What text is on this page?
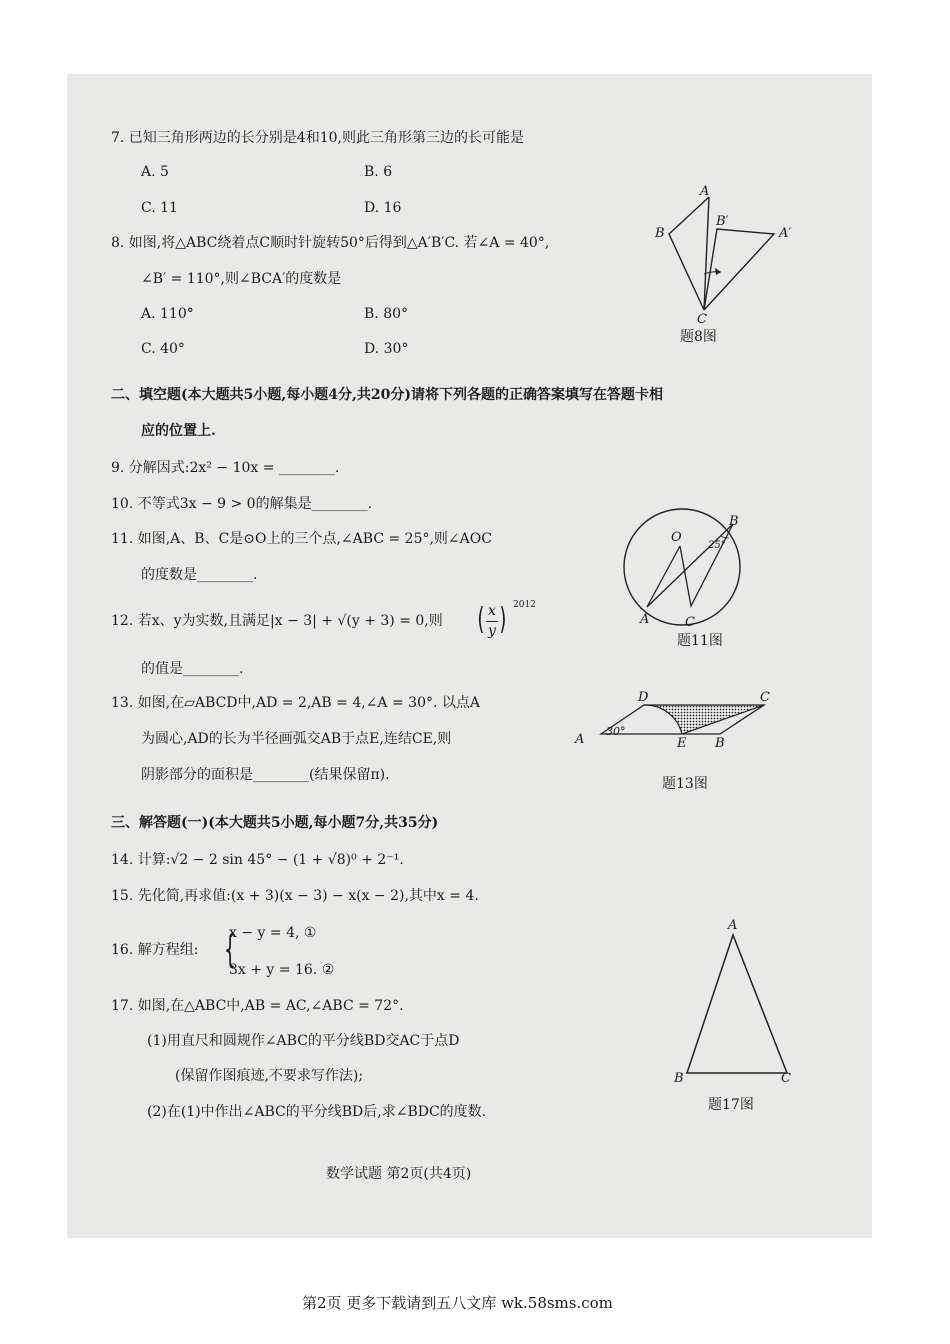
7. 已知三角形两边的长分别是4和10,则此三角形第三边的长可能是
A. 5	B. 6
C. 11	D. 16
8. 如图,将△ABC绕着点C顺时针旋转50°后得到△A′B′C. 若∠A = 40°,
∠B′ = 110°,则∠BCA′的度数是
A. 110°	B. 80°
C. 40°	D. 30°
A
B
B′
A′
C
题8图
二、填空题(本大题共5小题,每小题4分,共20分)请将下列各题的正确答案填写在答题卡相
应的位置上.
9. 分解因式:2x² − 10x = ________.
10. 不等式3x − 9 > 0的解集是________.
11. 如图,A、B、C是⊙O上的三个点,∠ABC = 25°,则∠AOC
的度数是________.
O
B
25°
A	C
题11图
12. 若x、y为实数,且满足|x − 3| + √(y + 3) = 0,则 ( x
y ) 2012
的值是________.
13. 如图,在▱ABCD中,AD = 2,AB = 4,∠A = 30°. 以点A
为圆心,AD的长为半径画弧交AB于点E,连结CE,则
阴影部分的面积是________(结果保留π).
D	C
A
30°
E B
题13图
三、解答题(一)(本大题共5小题,每小题7分,共35分)
14. 计算:√2 − 2 sin 45° − (1 + √8)⁰ + 2⁻¹.
15. 先化简,再求值:(x + 3)(x − 3) − x(x − 2),其中x = 4.
16. 解方程组: {
x − y = 4, ①
3x + y = 16. ②
17. 如图,在△ABC中,AB = AC,∠ABC = 72°.
(1)用直尺和圆规作∠ABC的平分线BD交AC于点D
(保留作图痕迹,不要求写作法);
(2)在(1)中作出∠ABC的平分线BD后,求∠BDC的度数.
A
B	C
题17图
数学试题 第2页(共4页)
第2页 更多下载请到五八文库 wk.58sms.com
